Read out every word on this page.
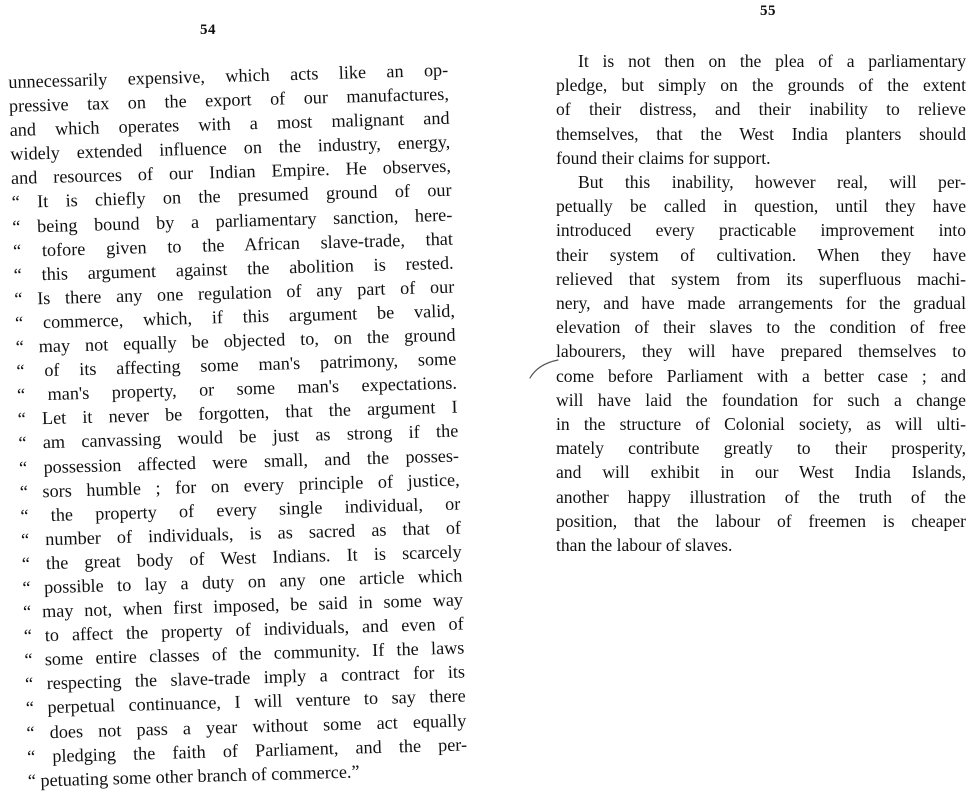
54
unnecessarily expensive, which acts like an op-
pressive tax on the export of our manufactures,
and which operates with a most malignant and
widely extended influence on the industry, energy,
and resources of our Indian Empire. He observes,
“ It is chiefly on the presumed ground of our
“ being bound by a parliamentary sanction, here-
“ tofore given to the African slave-trade, that
“ this argument against the abolition is rested.
“ Is there any one regulation of any part of our
“ commerce, which, if this argument be valid,
“ may not equally be objected to, on the ground
“ of its affecting some man's patrimony, some
“ man's property, or some man's expectations.
“ Let it never be forgotten, that the argument I
“ am canvassing would be just as strong if the
“ possession affected were small, and the posses-
“ sors humble ; for on every principle of justice,
“ the property of every single individual, or
“ number of individuals, is as sacred as that of
“ the great body of West Indians. It is scarcely
“ possible to lay a duty on any one article which
“ may not, when first imposed, be said in some way
“ to affect the property of individuals, and even of
“ some entire classes of the community. If the laws
“ respecting the slave-trade imply a contract for its
“ perpetual continuance, I will venture to say there
“ does not pass a year without some act equally
“ pledging the faith of Parliament, and the per-
“ petuating some other branch of commerce.”
55
It is not then on the plea of a parliamentary
pledge, but simply on the grounds of the extent
of their distress, and their inability to relieve
themselves, that the West India planters should
found their claims for support.
But this inability, however real, will per-
petually be called in question, until they have
introduced every practicable improvement into
their system of cultivation. When they have
relieved that system from its superfluous machi-
nery, and have made arrangements for the gradual
elevation of their slaves to the condition of free
labourers, they will have prepared themselves to
come before Parliament with a better case ; and
will have laid the foundation for such a change
in the structure of Colonial society, as will ulti-
mately contribute greatly to their prosperity,
and will exhibit in our West India Islands,
another happy illustration of the truth of the
position, that the labour of freemen is cheaper
than the labour of slaves.
